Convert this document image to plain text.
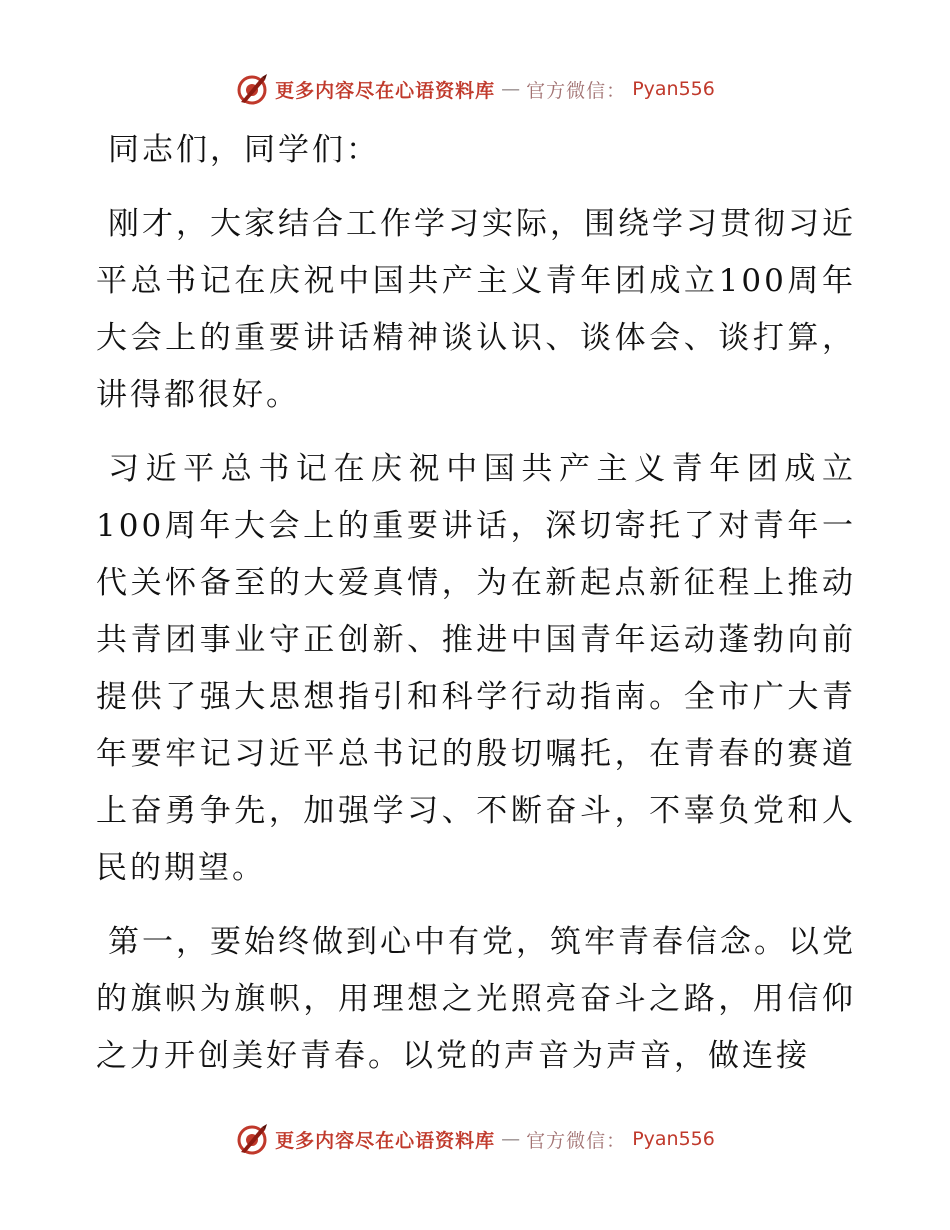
更多内容尽在心语资料库 — 官方微信： Pyan556

同志们，同学们：

刚才，大家结合工作学习实际，围绕学习贯彻习近平总书记在庆祝中国共产主义青年团成立100周年大会上的重要讲话精神谈认识、谈体会、谈打算，讲得都很好。

习近平总书记在庆祝中国共产主义青年团成立100周年大会上的重要讲话，深切寄托了对青年一代关怀备至的大爱真情，为在新起点新征程上推动共青团事业守正创新、推进中国青年运动蓬勃向前提供了强大思想指引和科学行动指南。全市广大青年要牢记习近平总书记的殷切嘱托，在青春的赛道上奋勇争先，加强学习、不断奋斗，不辜负党和人民的期望。

第一，要始终做到心中有党，筑牢青春信念。以党的旗帜为旗帜，用理想之光照亮奋斗之路，用信仰之力开创美好青春。以党的声音为声音，做连接

更多内容尽在心语资料库 — 官方微信： Pyan556
